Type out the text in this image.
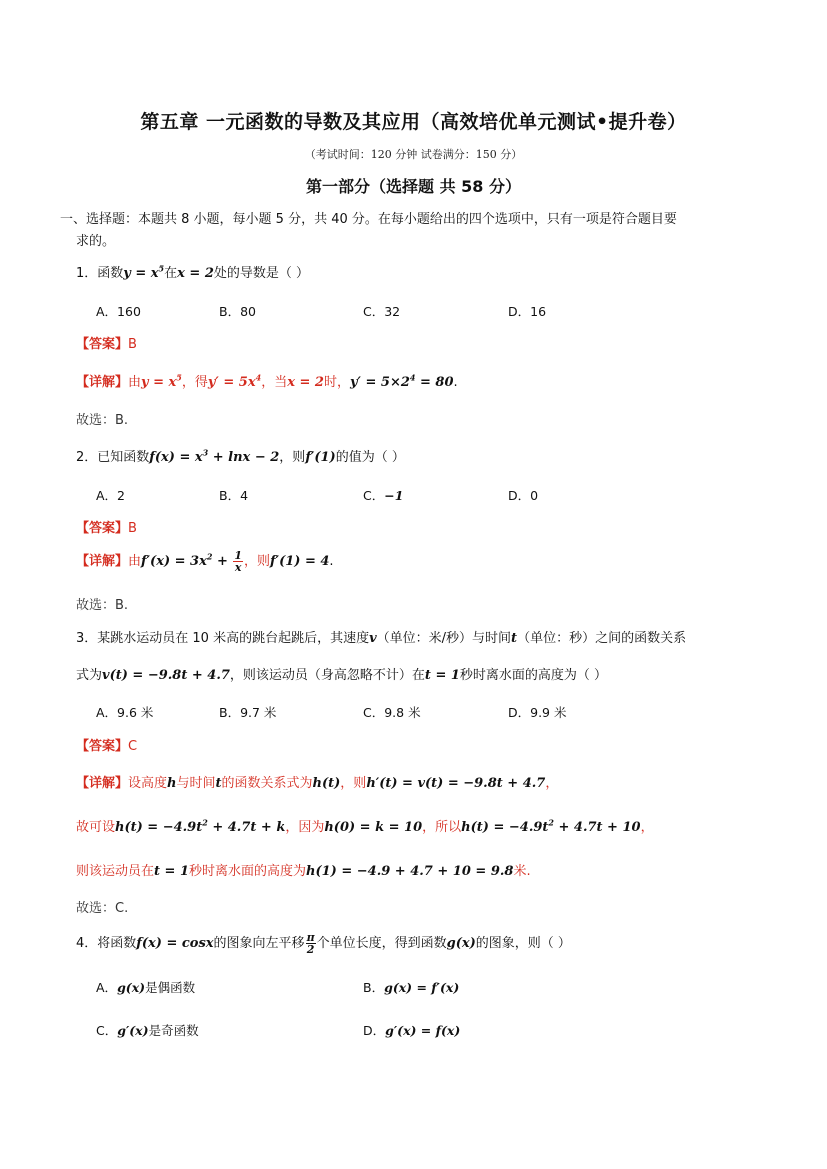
第五章 一元函数的导数及其应用（高效培优单元测试•提升卷）
（考试时间：120 分钟 试卷满分：150 分）
第一部分（选择题 共 58 分）
一、选择题：本题共 8 小题，每小题 5 分，共 40 分。在每小题给出的四个选项中，只有一项是符合题目要
求的。
1．函数$y = x^5$在x = 2处的导数是（ ）
A．160	B．80	C．32	D．16
【答案】B
【详解】由$y = x^5$，得$y' = 5x^4$，当x = 2时，$y' = 5\times 2^4 = 80$.
故选：B.
2．已知函数$f(x) = x^3 + \ln x - 2$，则f′(1)的值为（ ）
A．2	B．4	C．−1	D．0
【答案】B
【详解】由$f'(x) = 3x^2 + \frac{1}{x}$ ，则f′(1) = 4.
故选：B.
3．某跳水运动员在 10 米高的跳台起跳后，其速度v（单位：米/秒）与时间t（单位：秒）之间的函数关系
式为v(t) = −9.8t + 4.7，则该运动员（身高忽略不计）在t = 1秒时离水面的高度为（ ）
A．9.6 米	B．9.7 米	C．9.8 米	D．9.9 米
【答案】C
【详解】设高度h与时间t的函数关系式为h(t)，则h′(t) = v(t) = −9.8t + 4.7，
故可设$h(t) = -4.9t^2 + 4.7t + k$，因为h(0) = k = 10，所以$h(t) = -4.9t^2 + 4.7t + 10$，
则该运动员在t = 1秒时离水面的高度为h(1) = −4.9 + 4.7 + 10 = 9.8米.
故选：C.
4．将函数f(x) = cosx的图象向左平移 $\frac{\pi}{2}$ 个单位长度，得到函数g(x)的图象，则（ ）
A．g(x)是偶函数	B．g(x) = f′(x)
C．g′(x)是奇函数	D．g′(x) = f(x)
